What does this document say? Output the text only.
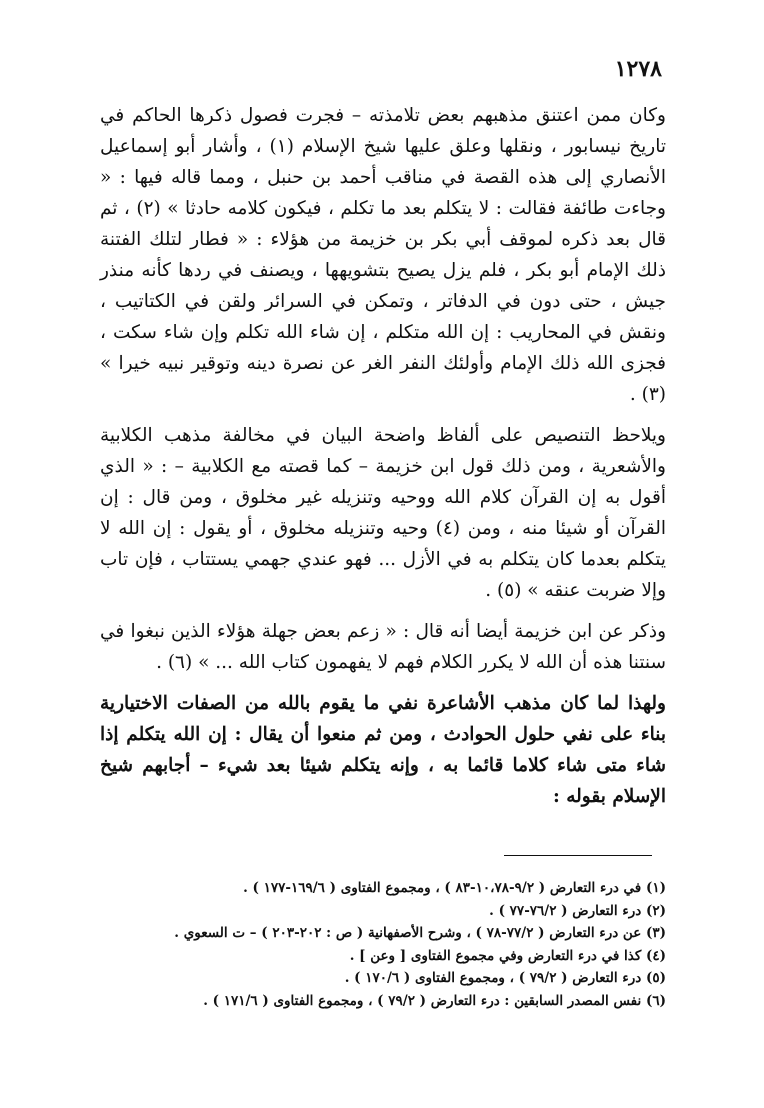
١٢٧٨

وكان ممن اعتنق مذهبهم بعض تلامذته – فجرت فصول ذكرها الحاكم في تاريخ نيسابور ، ونقلها وعلق عليها شيخ الإسلام (١) ، وأشار أبو إسماعيل الأنصاري إلى هذه القصة في مناقب أحمد بن حنبل ، ومما قاله فيها : « وجاءت طائفة فقالت : لا يتكلم بعد ما تكلم ، فيكون كلامه حادثا » (٢) ، ثم قال بعد ذكره لموقف أبي بكر بن خزيمة من هؤلاء : « فطار لتلك الفتنة ذلك الإمام أبو بكر ، فلم يزل يصيح بتشويهها ، ويصنف في ردها كأنه منذر جيش ، حتى دون في الدفاتر ، وتمكن في السرائر ولقن في الكتاتيب ، ونقش في المحاريب : إن الله متكلم ، إن شاء الله تكلم وإن شاء سكت ، فجزى الله ذلك الإمام وأولئك النفر الغر عن نصرة دينه وتوقير نبيه خيرا » (٣) .

ويلاحظ التنصيص على ألفاظ واضحة البيان في مخالفة مذهب الكلابية والأشعرية ، ومن ذلك قول ابن خزيمة – كما قصته مع الكلابية – : « الذي أقول به إن القرآن كلام الله ووحيه وتنزيله غير مخلوق ، ومن قال : إن القرآن أو شيئا منه ، ومن (٤) وحيه وتنزيله مخلوق ، أو يقول : إن الله لا يتكلم بعدما كان يتكلم به في الأزل ... فهو عندي جهمي يستتاب ، فإن تاب وإلا ضربت عنقه » (٥) .

وذكر عن ابن خزيمة أيضا أنه قال : « زعم بعض جهلة هؤلاء الذين نبغوا في سنتنا هذه أن الله لا يكرر الكلام فهم لا يفهمون كتاب الله ... » (٦) .

ولهذا لما كان مذهب الأشاعرة نفي ما يقوم بالله من الصفات الاختيارية بناء على نفي حلول الحوادث ، ومن ثم منعوا أن يقال : إن الله يتكلم إذا شاء متى شاء كلاما قائما به ، وإنه يتكلم شيئا بعد شيء – أجابهم شيخ الإسلام بقوله :

(١) في درء التعارض ( ٩/٢-١٠،٧٨-٨٣ ) ، ومجموع الفتاوى ( ١٦٩/٦-١٧٧ ) .
(٢) درء التعارض ( ٧٦/٢-٧٧ ) .
(٣) عن درء التعارض ( ٧٧/٢-٧٨ ) ، وشرح الأصفهانية ( ص : ٢٠٢-٢٠٣ ) – ت السعوي .
(٤) كذا في درء التعارض وفي مجموع الفتاوى [ وعن ] .
(٥) درء التعارض ( ٧٩/٢ ) ، ومجموع الفتاوى ( ١٧٠/٦ ) .
(٦) نفس المصدر السابقين : درء التعارض ( ٧٩/٢ ) ، ومجموع الفتاوى ( ١٧١/٦ ) .
